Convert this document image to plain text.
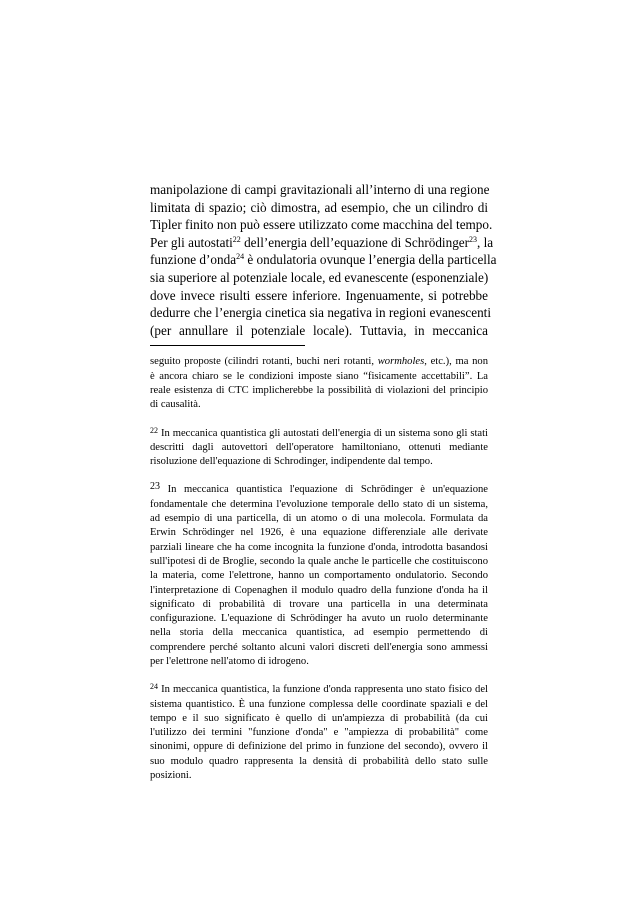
manipolazione di campi gravitazionali all’interno di una regione
limitata di spazio; ciò dimostra, ad esempio, che un cilindro di
Tipler finito non può essere utilizzato come macchina del tempo.
Per gli autostati$^{22}$ dell’energia dell’equazione di Schrödinger$^{23}$, la
funzione d’onda$^{24}$ è ondulatoria ovunque l’energia della particella
sia superiore al potenziale locale, ed evanescente (esponenziale)
dove invece risulti essere inferiore. Ingenuamente, si potrebbe
dedurre che l’energia cinetica sia negativa in regioni evanescenti
(per annullare il potenziale locale). Tuttavia, in meccanica
seguito proposte (cilindri rotanti, buchi neri rotanti, wormholes, etc.), ma non
è ancora chiaro se le condizioni imposte siano “fisicamente accettabili”. La
reale esistenza di CTC implicherebbe la possibilità di violazioni del principio
di causalità.
$^{22}$ In meccanica quantistica gli autostati dell'energia di un sistema sono gli stati
descritti dagli autovettori dell'operatore hamiltoniano, ottenuti mediante
risoluzione dell'equazione di Schrodinger, indipendente dal tempo.
23 In meccanica quantistica l'equazione di Schrödinger è un'equazione
fondamentale che determina l'evoluzione temporale dello stato di un sistema,
ad esempio di una particella, di un atomo o di una molecola. Formulata da
Erwin Schrödinger nel 1926, è una equazione differenziale alle derivate
parziali lineare che ha come incognita la funzione d'onda, introdotta basandosi
sull'ipotesi di de Broglie, secondo la quale anche le particelle che costituiscono
la materia, come l'elettrone, hanno un comportamento ondulatorio. Secondo
l'interpretazione di Copenaghen il modulo quadro della funzione d'onda ha il
significato di probabilità di trovare una particella in una determinata
configurazione. L'equazione di Schrödinger ha avuto un ruolo determinante
nella storia della meccanica quantistica, ad esempio permettendo di
comprendere perché soltanto alcuni valori discreti dell'energia sono ammessi
per l'elettrone nell'atomo di idrogeno.
$^{24}$ In meccanica quantistica, la funzione d'onda rappresenta uno stato fisico del
sistema quantistico. È una funzione complessa delle coordinate spaziali e del
tempo e il suo significato è quello di un'ampiezza di probabilità (da cui
l'utilizzo dei termini "funzione d'onda" e "ampiezza di probabilità" come
sinonimi, oppure di definizione del primo in funzione del secondo), ovvero il
suo modulo quadro rappresenta la densità di probabilità dello stato sulle
posizioni.
